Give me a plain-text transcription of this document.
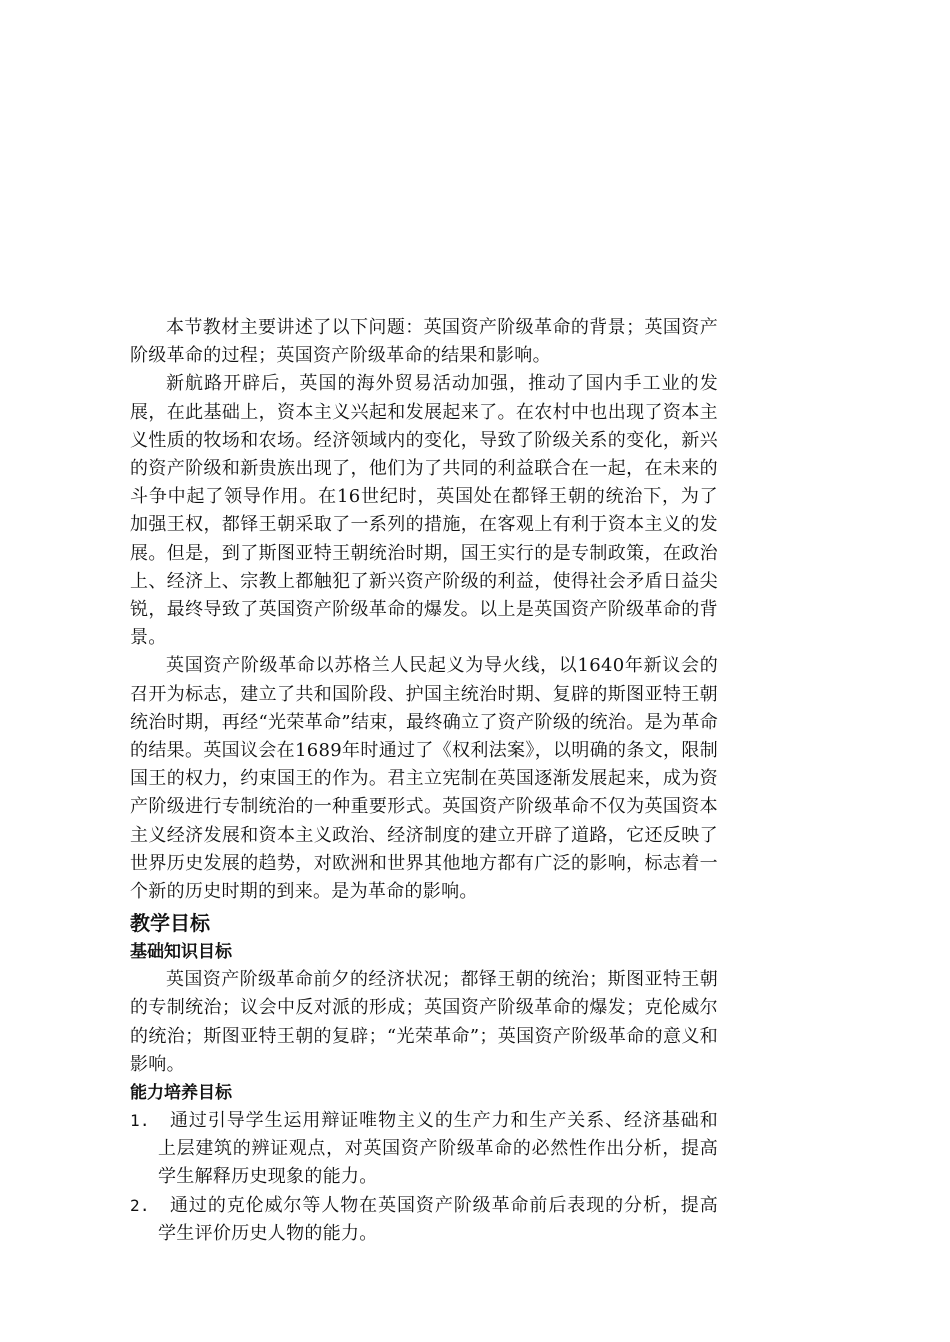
本节教材主要讲述了以下问题：英国资产阶级革命的背景；英国资产阶级革命的过程；英国资产阶级革命的结果和影响。

新航路开辟后，英国的海外贸易活动加强，推动了国内手工业的发展，在此基础上，资本主义兴起和发展起来了。在农村中也出现了资本主义性质的牧场和农场。经济领域内的变化，导致了阶级关系的变化，新兴的资产阶级和新贵族出现了，他们为了共同的利益联合在一起，在未来的斗争中起了领导作用。在16世纪时，英国处在都铎王朝的统治下，为了加强王权，都铎王朝采取了一系列的措施，在客观上有利于资本主义的发展。但是，到了斯图亚特王朝统治时期，国王实行的是专制政策，在政治上、经济上、宗教上都触犯了新兴资产阶级的利益，使得社会矛盾日益尖锐，最终导致了英国资产阶级革命的爆发。以上是英国资产阶级革命的背景。

英国资产阶级革命以苏格兰人民起义为导火线，以1640年新议会的召开为标志，建立了共和国阶段、护国主统治时期、复辟的斯图亚特王朝统治时期，再经“光荣革命”结束，最终确立了资产阶级的统治。是为革命的结果。英国议会在1689年时通过了《权利法案》，以明确的条文，限制国王的权力，约束国王的作为。君主立宪制在英国逐渐发展起来，成为资产阶级进行专制统治的一种重要形式。英国资产阶级革命不仅为英国资本主义经济发展和资本主义政治、经济制度的建立开辟了道路，它还反映了世界历史发展的趋势，对欧洲和世界其他地方都有广泛的影响，标志着一个新的历史时期的到来。是为革命的影响。

教学目标
基础知识目标

英国资产阶级革命前夕的经济状况；都铎王朝的统治；斯图亚特王朝的专制统治；议会中反对派的形成；英国资产阶级革命的爆发；克伦威尔的统治；斯图亚特王朝的复辟；“光荣革命”；英国资产阶级革命的意义和影响。

能力培养目标
1.	通过引导学生运用辩证唯物主义的生产力和生产关系、经济基础和上层建筑的辨证观点，对英国资产阶级革命的必然性作出分析，提高学生解释历史现象的能力。
2.	通过的克伦威尔等人物在英国资产阶级革命前后表现的分析，提高学生评价历史人物的能力。
